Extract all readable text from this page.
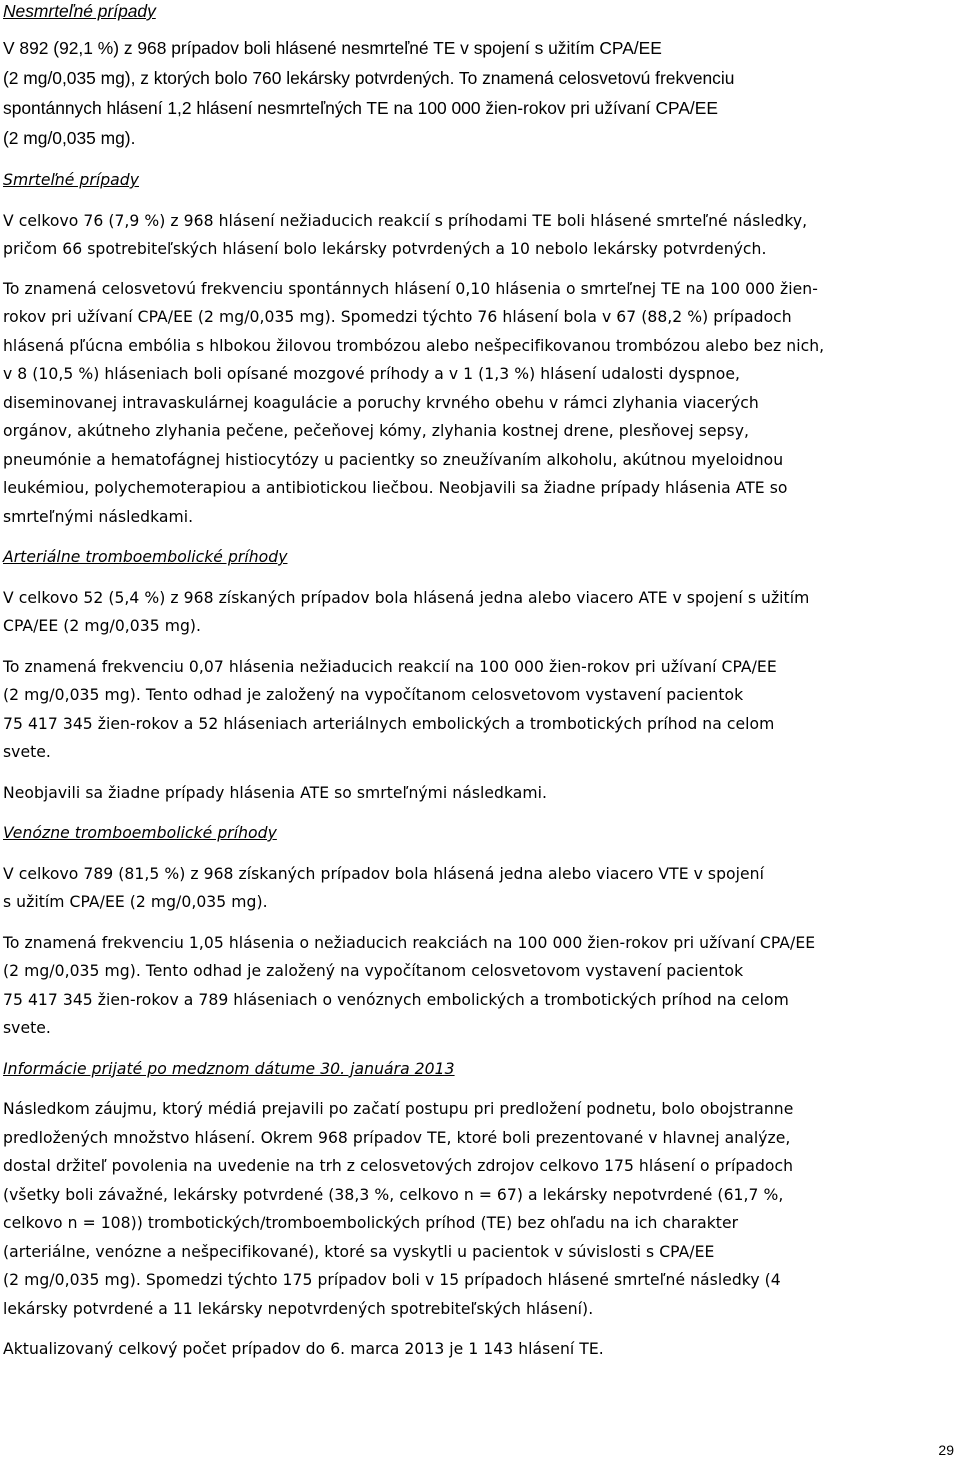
Nesmrteľné prípady

V 892 (92,1 %) z 968 prípadov boli hlásené nesmrteľné TE v spojení s užitím CPA/EE
(2 mg/0,035 mg), z ktorých bolo 760 lekársky potvrdených. To znamená celosvetovú frekvenciu
spontánnych hlásení 1,2 hlásení nesmrteľných TE na 100 000 žien-rokov pri užívaní CPA/EE
(2 mg/0,035 mg).

Smrteľné prípady

V celkovo 76 (7,9 %) z 968 hlásení nežiaducich reakcií s príhodami TE boli hlásené smrteľné následky,
pričom 66 spotrebiteľských hlásení bolo lekársky potvrdených a 10 nebolo lekársky potvrdených.

To znamená celosvetovú frekvenciu spontánnych hlásení 0,10 hlásenia o smrteľnej TE na 100 000 žien-
rokov pri užívaní CPA/EE (2 mg/0,035 mg). Spomedzi týchto 76 hlásení bola v 67 (88,2 %) prípadoch
hlásená pľúcna embólia s hlbokou žilovou trombózou alebo nešpecifikovanou trombózou alebo bez nich,
v 8 (10,5 %) hláseniach boli opísané mozgové príhody a v 1 (1,3 %) hlásení udalosti dyspnoe,
diseminovanej intravaskulárnej koagulácie a poruchy krvného obehu v rámci zlyhania viacerých
orgánov, akútneho zlyhania pečene, pečeňovej kómy, zlyhania kostnej drene, plesňovej sepsy,
pneumónie a hematofágnej histiocytózy u pacientky so zneužívaním alkoholu, akútnou myeloidnou
leukémiou, polychemoterapiou a antibiotickou liečbou. Neobjavili sa žiadne prípady hlásenia ATE so
smrteľnými následkami.

Arteriálne tromboembolické príhody

V celkovo 52 (5,4 %) z 968 získaných prípadov bola hlásená jedna alebo viacero ATE v spojení s užitím
CPA/EE (2 mg/0,035 mg).

To znamená frekvenciu 0,07 hlásenia nežiaducich reakcií na 100 000 žien-rokov pri užívaní CPA/EE
(2 mg/0,035 mg). Tento odhad je založený na vypočítanom celosvetovom vystavení pacientok
75 417 345 žien-rokov a 52 hláseniach arteriálnych embolických a trombotických príhod na celom
svete.

Neobjavili sa žiadne prípady hlásenia ATE so smrteľnými následkami.

Venózne tromboembolické príhody

V celkovo 789 (81,5 %) z 968 získaných prípadov bola hlásená jedna alebo viacero VTE v spojení
s užitím CPA/EE (2 mg/0,035 mg).

To znamená frekvenciu 1,05 hlásenia o nežiaducich reakciách na 100 000 žien-rokov pri užívaní CPA/EE
(2 mg/0,035 mg). Tento odhad je založený na vypočítanom celosvetovom vystavení pacientok
75 417 345 žien-rokov a 789 hláseniach o venóznych embolických a trombotických príhod na celom
svete.

Informácie prijaté po medznom dátume 30. januára 2013

Následkom záujmu, ktorý médiá prejavili po začatí postupu pri predložení podnetu, bolo obojstranne
predložených množstvo hlásení. Okrem 968 prípadov TE, ktoré boli prezentované v hlavnej analýze,
dostal držiteľ povolenia na uvedenie na trh z celosvetových zdrojov celkovo 175 hlásení o prípadoch
(všetky boli závažné, lekársky potvrdené (38,3 %, celkovo n = 67) a lekársky nepotvrdené (61,7 %,
celkovo n = 108)) trombotických/tromboembolických príhod (TE) bez ohľadu na ich charakter
(arteriálne, venózne a nešpecifikované), ktoré sa vyskytli u pacientok v súvislosti s CPA/EE
(2 mg/0,035 mg). Spomedzi týchto 175 prípadov boli v 15 prípadoch hlásené smrteľné následky (4
lekársky potvrdené a 11 lekársky nepotvrdených spotrebiteľských hlásení).

Aktualizovaný celkový počet prípadov do 6. marca 2013 je 1 143 hlásení TE.

29
